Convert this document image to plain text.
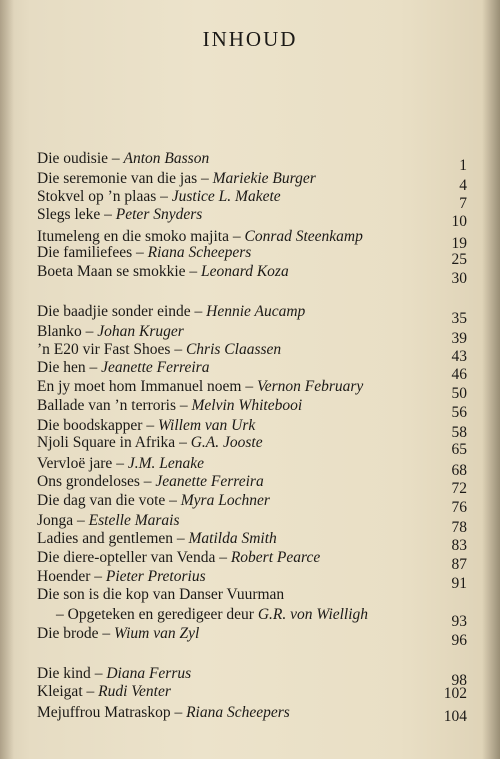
INHOUD
Die oudisie – Anton Basson	1
Die seremonie van die jas – Mariekie Burger	4
Stokvel op ’n plaas – Justice L. Makete	7
Slegs leke – Peter Snyders	10
Itumeleng en die smoko majita – Conrad Steenkamp	19
Die familiefees – Riana Scheepers	25
Boeta Maan se smokkie – Leonard Koza	30
Die baadjie sonder einde – Hennie Aucamp	35
Blanko – Johan Kruger	39
’n E20 vir Fast Shoes – Chris Claassen	43
Die hen – Jeanette Ferreira	46
En jy moet hom Immanuel noem – Vernon February	50
Ballade van ’n terroris – Melvin Whitebooi	56
Die boodskapper – Willem van Urk	58
Njoli Square in Afrika – G.A. Jooste	65
Vervloë jare – J.M. Lenake	68
Ons grondeloses – Jeanette Ferreira	72
Die dag van die vote – Myra Lochner	76
Jonga – Estelle Marais	78
Ladies and gentlemen – Matilda Smith	83
Die diere-opteller van Venda – Robert Pearce	87
Hoender – Pieter Pretorius	91
Die son is die kop van Danser Vuurman
– Opgeteken en geredigeer deur G.R. von Wielligh	93
Die brode – Wium van Zyl	96
Die kind – Diana Ferrus	98
Kleigat – Rudi Venter	102
Mejuffrou Matraskop – Riana Scheepers	104
